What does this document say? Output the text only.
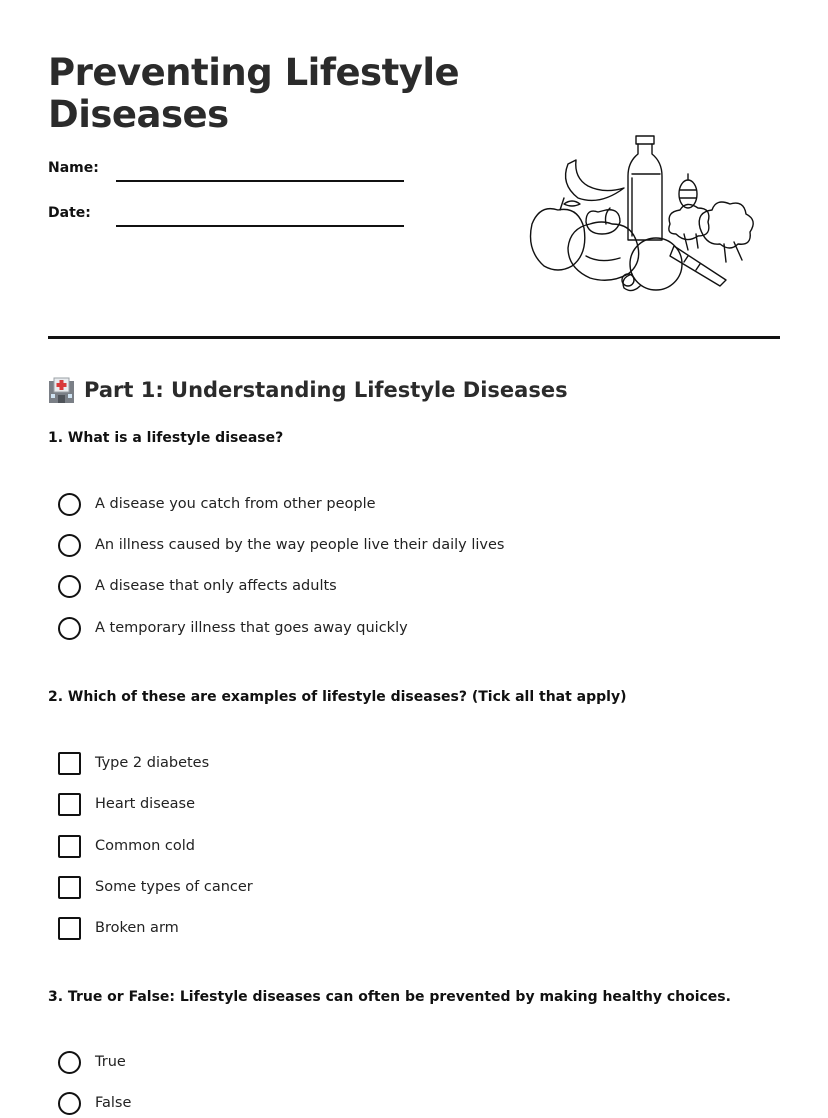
Preventing Lifestyle Diseases
Name:
Date:
Part 1: Understanding Lifestyle Diseases
1. What is a lifestyle disease?
A disease you catch from other people
An illness caused by the way people live their daily lives
A disease that only affects adults
A temporary illness that goes away quickly
2. Which of these are examples of lifestyle diseases? (Tick all that apply)
Type 2 diabetes
Heart disease
Common cold
Some types of cancer
Broken arm
3. True or False: Lifestyle diseases can often be prevented by making healthy choices.
True
False
